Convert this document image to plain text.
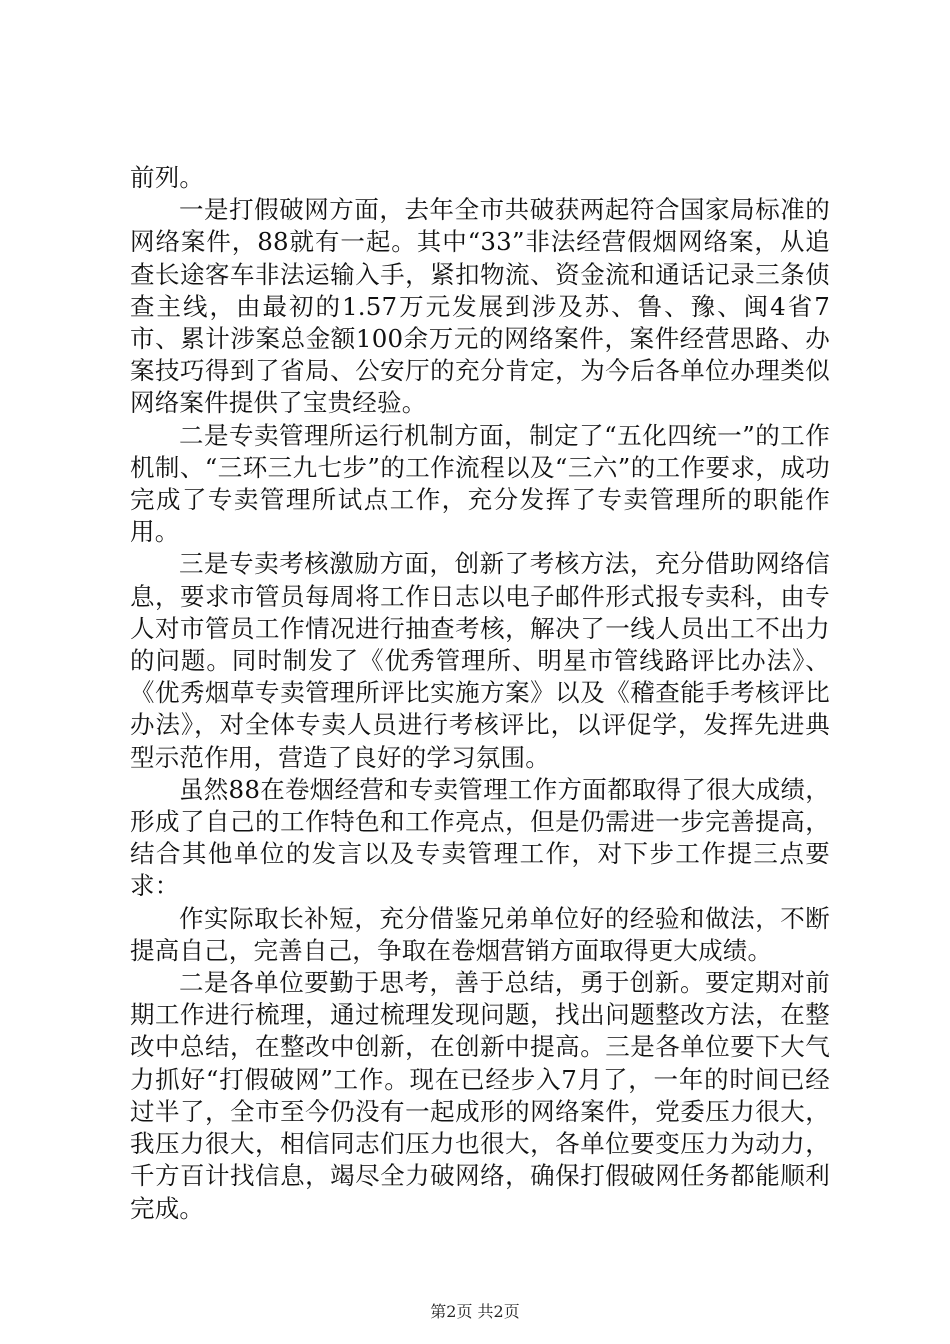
前列。

一是打假破网方面，去年全市共破获两起符合国家局标准的网络案件，88就有一起。其中“33”非法经营假烟网络案，从追查长途客车非法运输入手，紧扣物流、资金流和通话记录三条侦查主线，由最初的1.57万元发展到涉及苏、鲁、豫、闽4省7市、累计涉案总金额100余万元的网络案件，案件经营思路、办案技巧得到了省局、公安厅的充分肯定，为今后各单位办理类似网络案件提供了宝贵经验。

二是专卖管理所运行机制方面，制定了“五化四统一”的工作机制、“三环三九七步”的工作流程以及“三六”的工作要求，成功完成了专卖管理所试点工作，充分发挥了专卖管理所的职能作用。

三是专卖考核激励方面，创新了考核方法，充分借助网络信息，要求市管员每周将工作日志以电子邮件形式报专卖科，由专人对市管员工作情况进行抽查考核，解决了一线人员出工不出力的问题。同时制发了《优秀管理所、明星市管线路评比办法》、《优秀烟草专卖管理所评比实施方案》以及《稽查能手考核评比办法》，对全体专卖人员进行考核评比，以评促学，发挥先进典型示范作用，营造了良好的学习氛围。

虽然88在卷烟经营和专卖管理工作方面都取得了很大成绩，形成了自己的工作特色和工作亮点，但是仍需进一步完善提高，结合其他单位的发言以及专卖管理工作，对下步工作提三点要求：

作实际取长补短，充分借鉴兄弟单位好的经验和做法，不断提高自己，完善自己，争取在卷烟营销方面取得更大成绩。

二是各单位要勤于思考，善于总结，勇于创新。要定期对前期工作进行梳理，通过梳理发现问题，找出问题整改方法，在整改中总结，在整改中创新，在创新中提高。三是各单位要下大气力抓好“打假破网”工作。现在已经步入7月了，一年的时间已经过半了，全市至今仍没有一起成形的网络案件，党委压力很大，我压力很大，相信同志们压力也很大，各单位要变压力为动力，千方百计找信息，竭尽全力破网络，确保打假破网任务都能顺利完成。

第2页 共2页
